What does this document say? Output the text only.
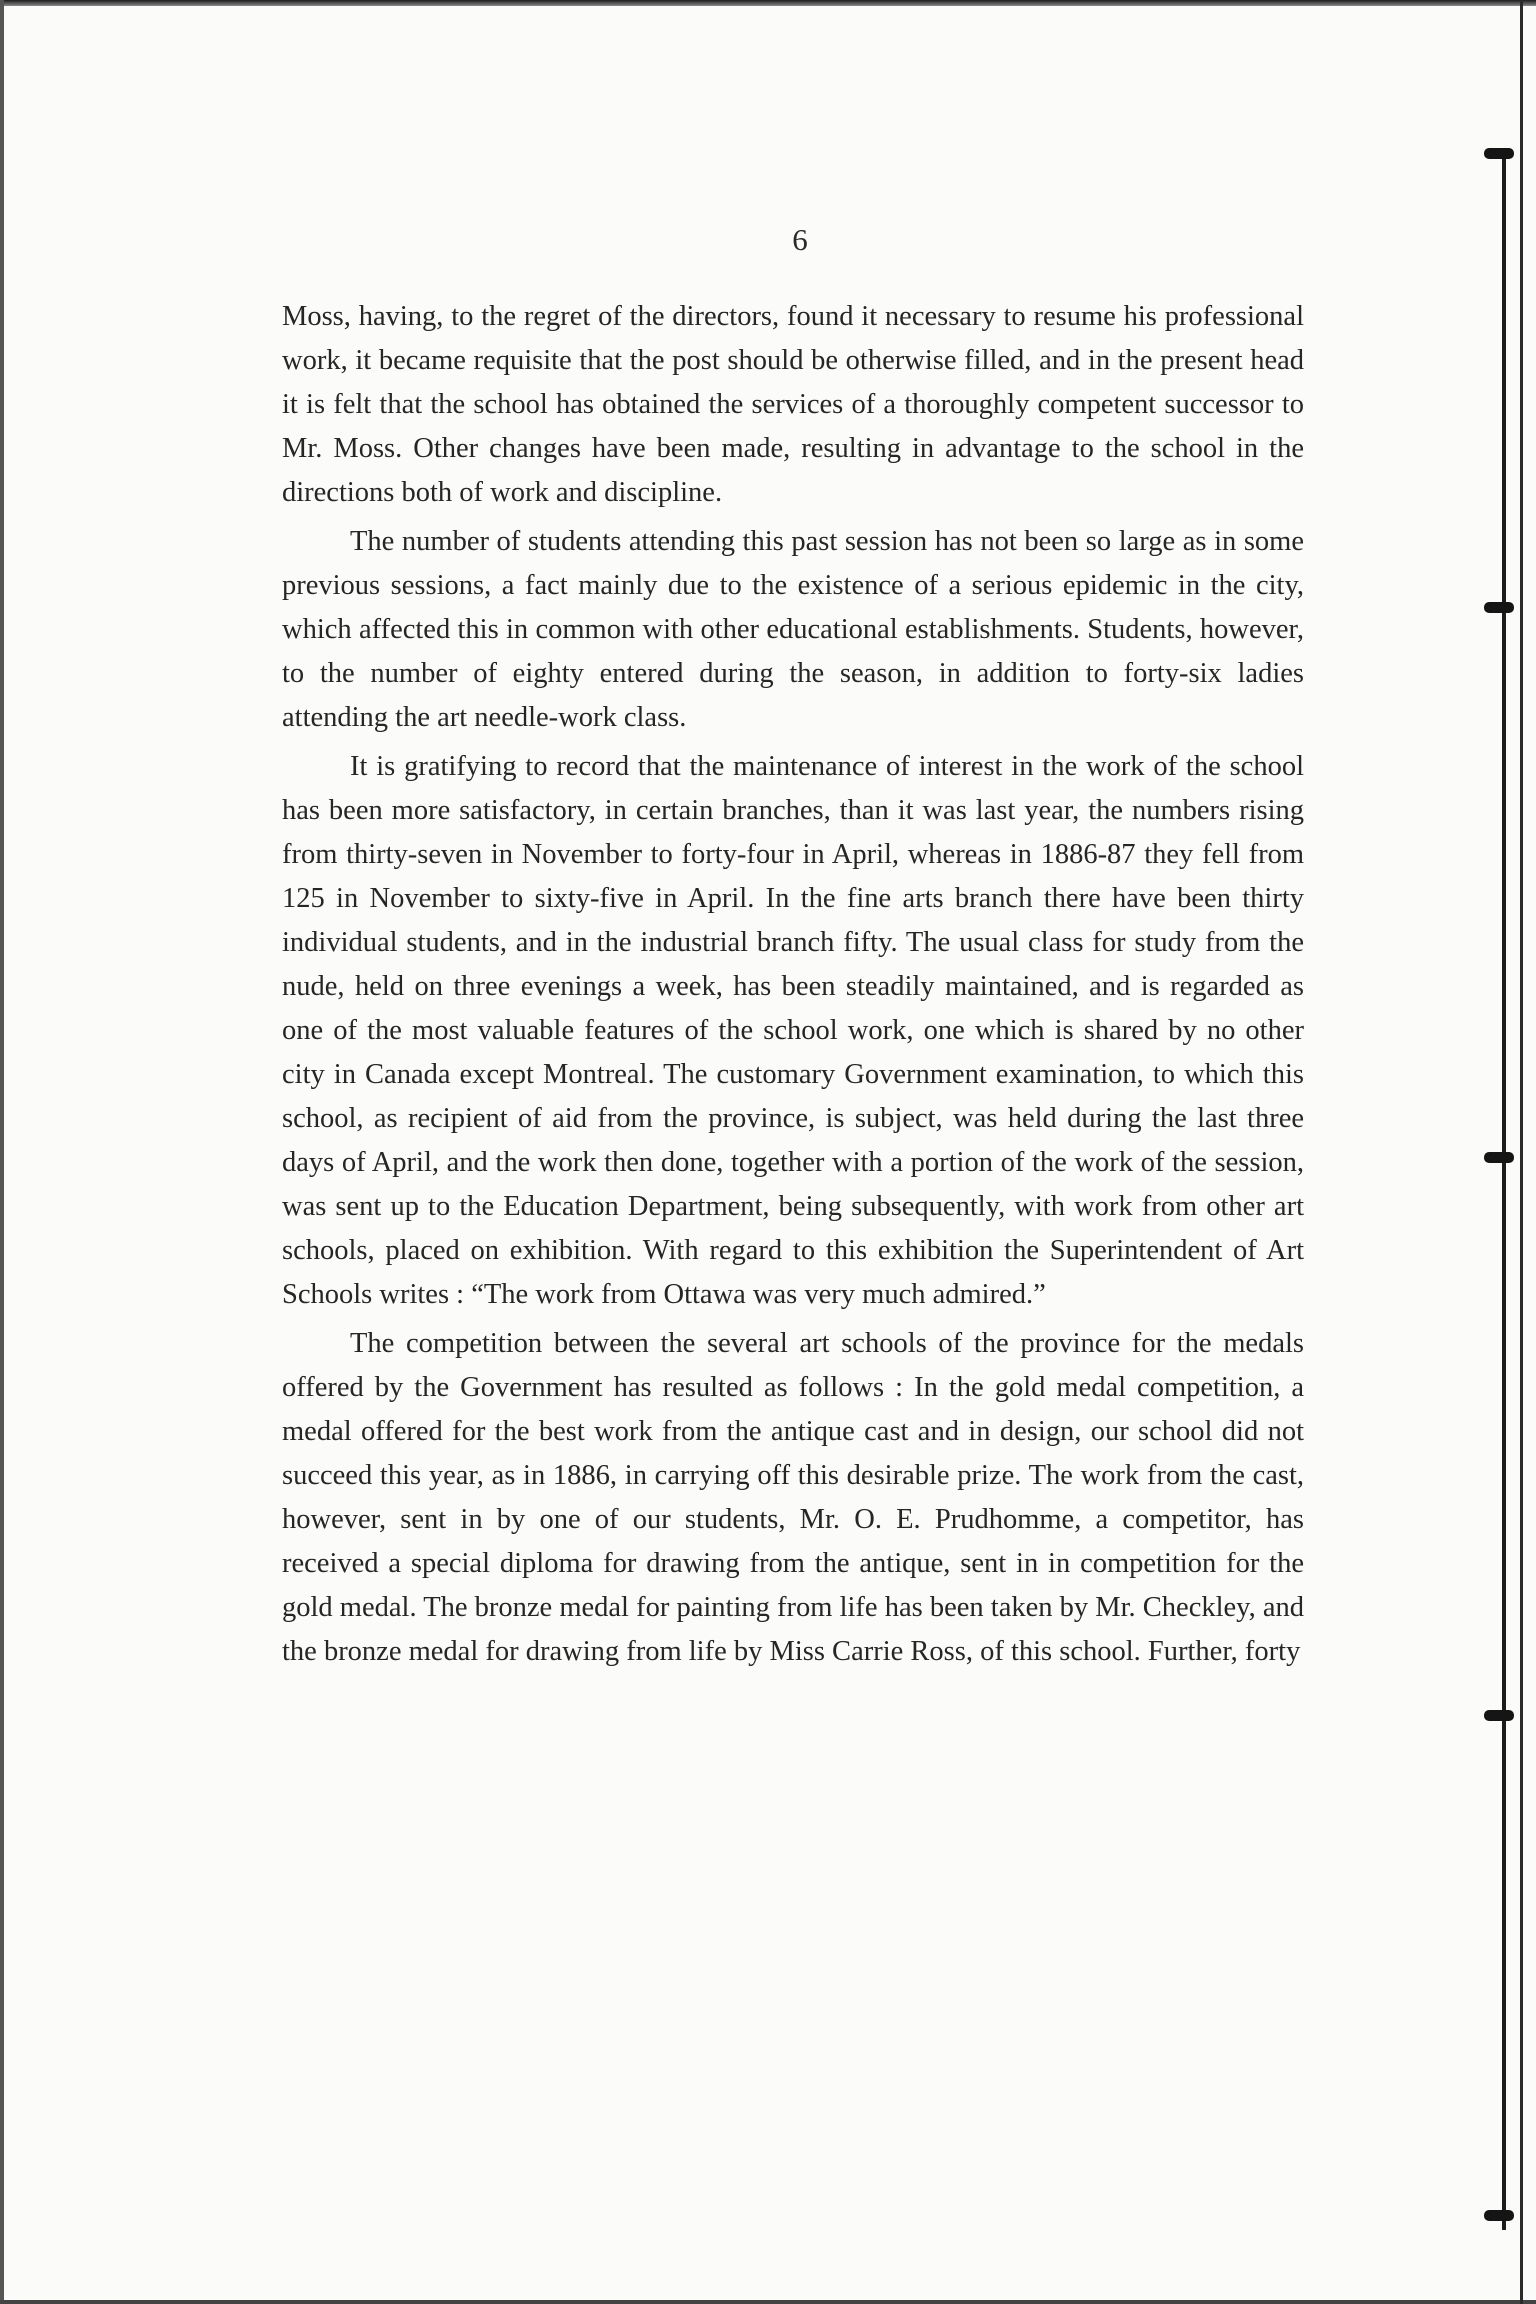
6

Moss, having, to the regret of the directors, found it necessary to resume his professional work, it became requisite that the post should be otherwise filled, and in the present head it is felt that the school has obtained the services of a thoroughly competent successor to Mr. Moss. Other changes have been made, resulting in advantage to the school in the directions both of work and discipline.

The number of students attending this past session has not been so large as in some previous sessions, a fact mainly due to the existence of a serious epidemic in the city, which affected this in common with other educational establishments. Students, however, to the number of eighty entered during the season, in addition to forty-six ladies attending the art needle-work class.

It is gratifying to record that the maintenance of interest in the work of the school has been more satisfactory, in certain branches, than it was last year, the numbers rising from thirty-seven in November to forty-four in April, whereas in 1886-87 they fell from 125 in November to sixty-five in April. In the fine arts branch there have been thirty individual students, and in the industrial branch fifty. The usual class for study from the nude, held on three evenings a week, has been steadily maintained, and is regarded as one of the most valuable features of the school work, one which is shared by no other city in Canada except Montreal. The customary Government examination, to which this school, as recipient of aid from the province, is subject, was held during the last three days of April, and the work then done, together with a portion of the work of the session, was sent up to the Education Department, being subsequently, with work from other art schools, placed on exhibition. With regard to this exhibition the Superintendent of Art Schools writes : “The work from Ottawa was very much admired.”

The competition between the several art schools of the province for the medals offered by the Government has resulted as follows : In the gold medal competition, a medal offered for the best work from the antique cast and in design, our school did not succeed this year, as in 1886, in carrying off this desirable prize. The work from the cast, however, sent in by one of our students, Mr. O. E. Prudhomme, a competitor, has received a special diploma for drawing from the antique, sent in in competition for the gold medal. The bronze medal for painting from life has been taken by Mr. Checkley, and the bronze medal for drawing from life by Miss Carrie Ross, of this school. Further, forty
